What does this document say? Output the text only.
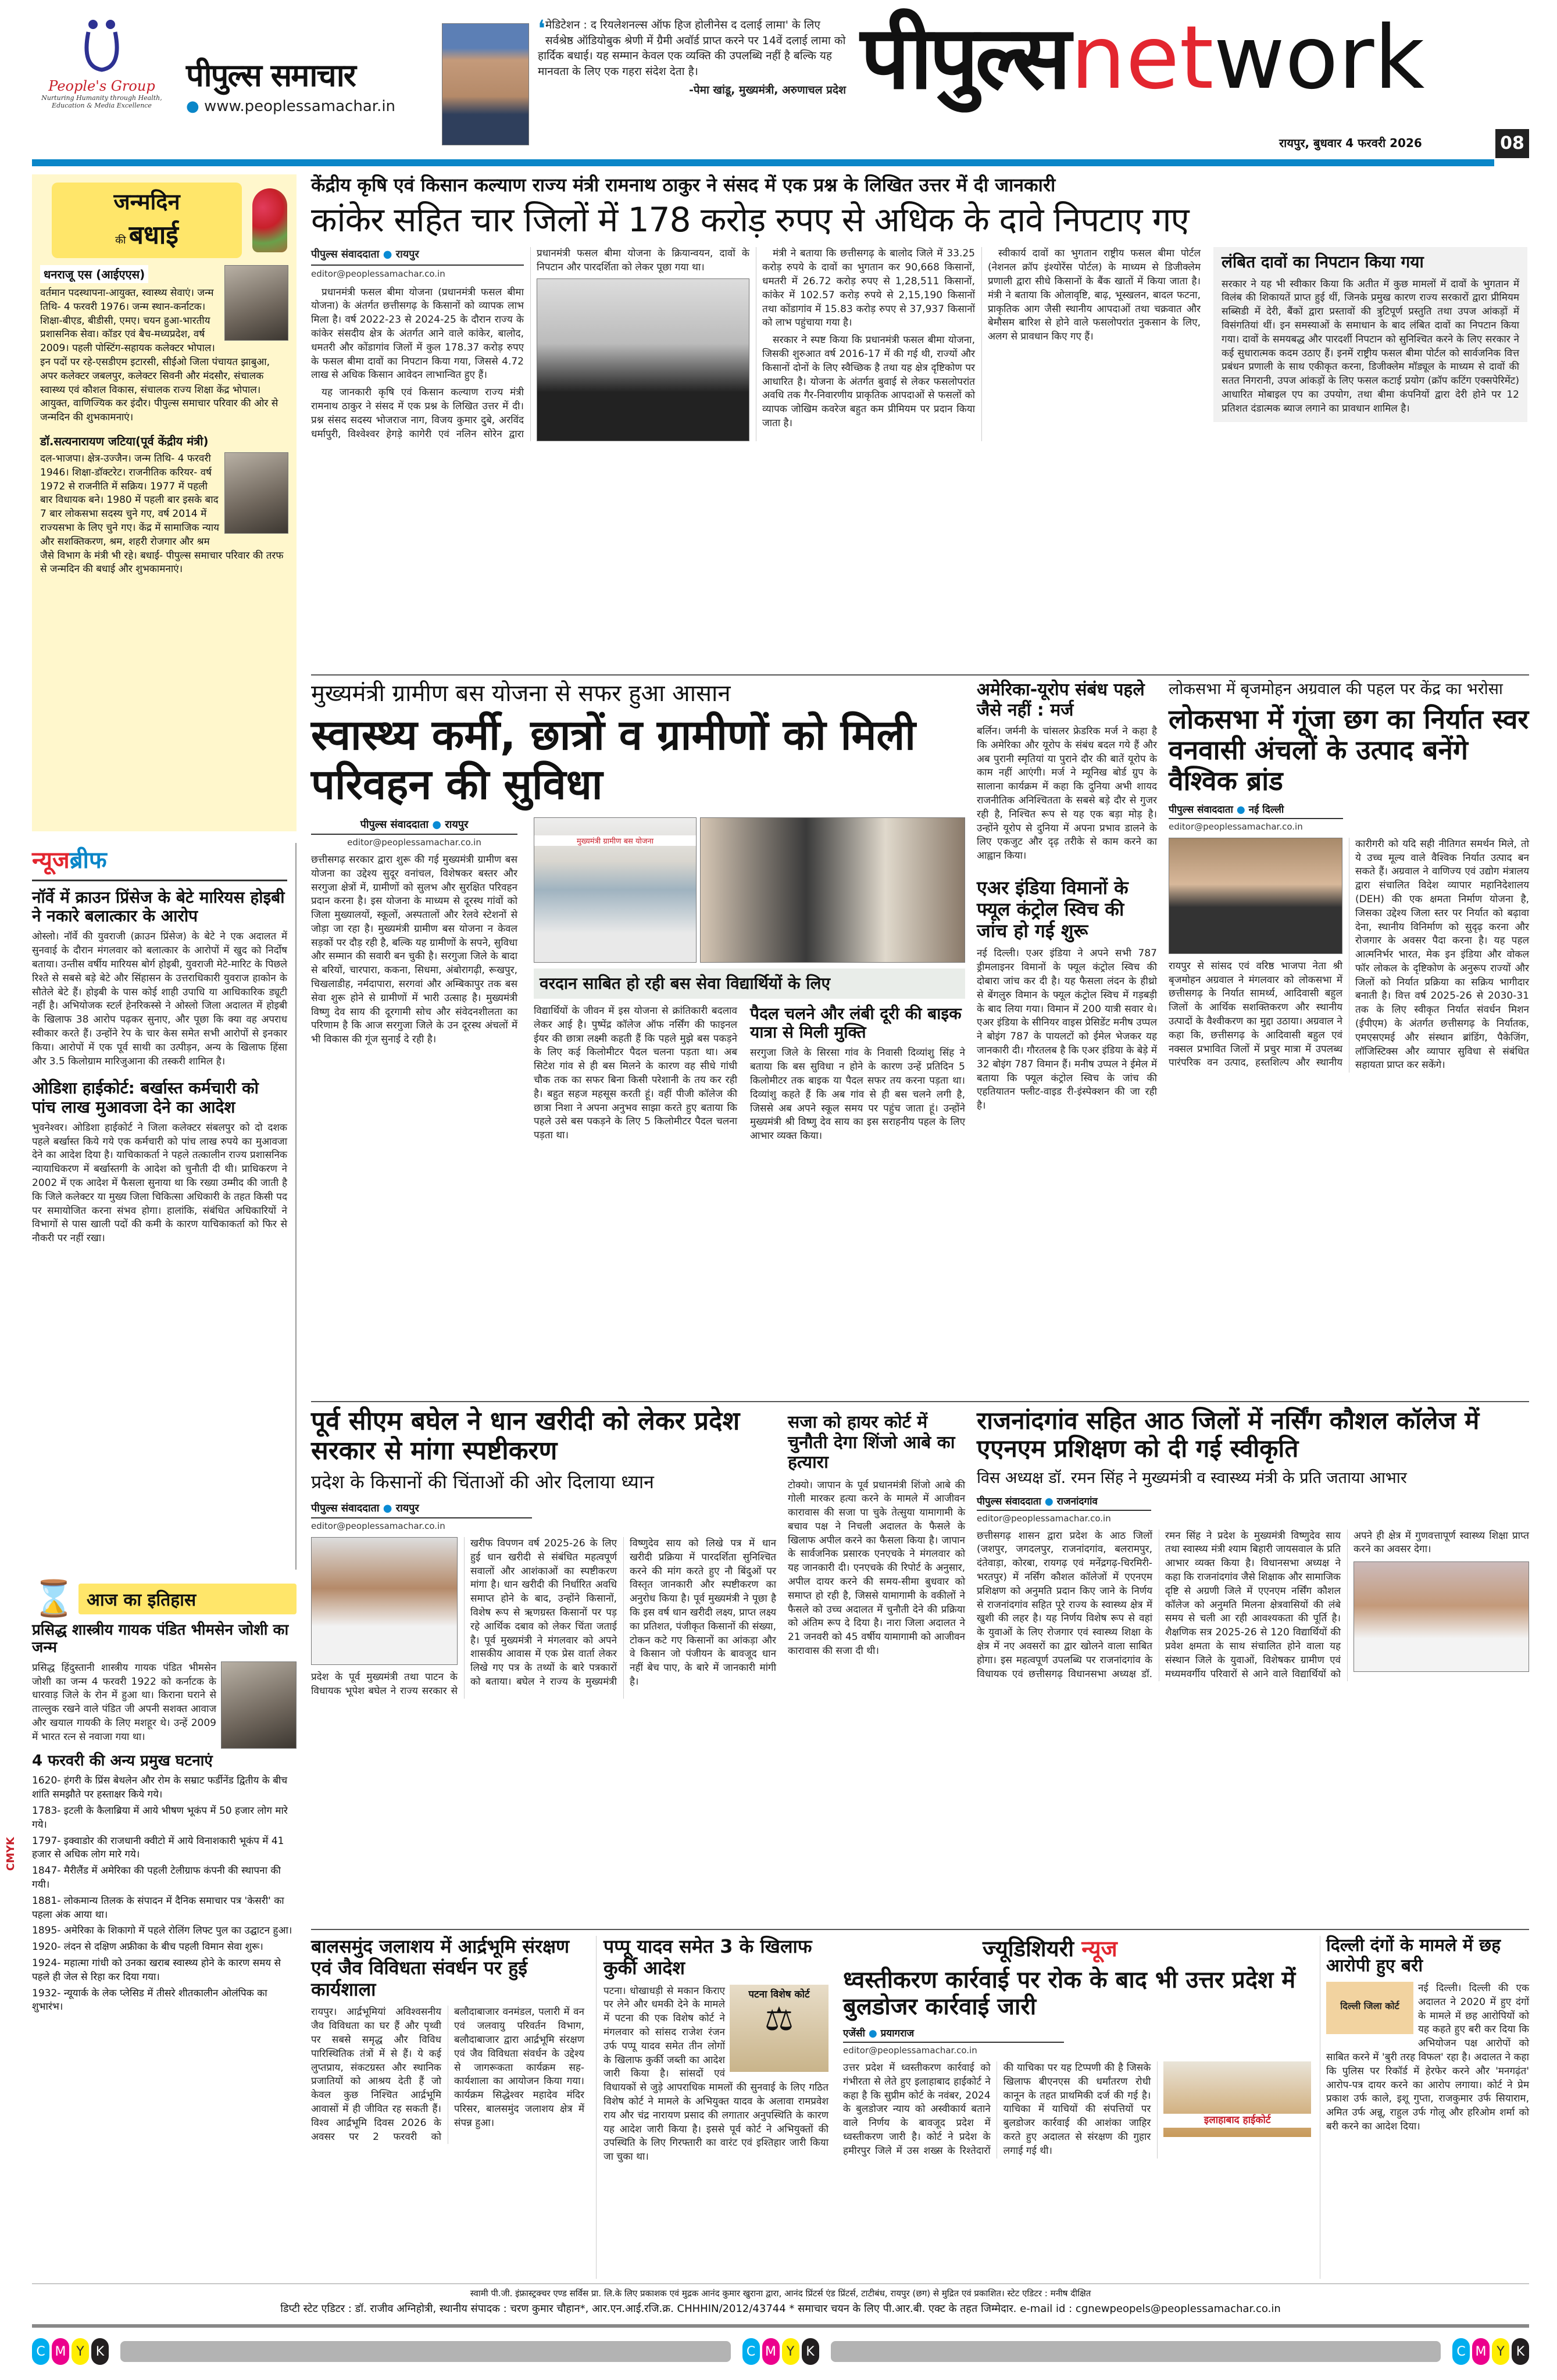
People's Group
Nurturing Humanity through Health, Education & Media Excellence
पीपुल्स समाचार
● www.peoplessamachar.in
❛ मेडिटेशन : द रियलेशनल्स ऑफ हिज होलीनेस द दलाई लामा' के लिए सर्वश्रेष्ठ ऑडियोबुक श्रेणी में ग्रैमी अवॉर्ड प्राप्त करने पर 14वें दलाई लामा को हार्दिक बधाई। यह सम्मान केवल एक व्यक्ति की उपलब्धि नहीं है बल्कि यह मानवता के लिए एक गहरा संदेश देता है।
-पेमा खांडू, मुख्यमंत्री, अरुणाचल प्रदेश पीपुल्स network
रायपुर, बुधवार 4 फरवरी 2026	08
जन्मदिन
की बधाई
धनराजू एस (आईएएस)
वर्तमान पदस्थापना-आयुक्त, स्वास्थ्य सेवाएं। जन्म तिथि- 4 फरवरी 1976। जन्म स्थान-कर्नाटक। शिक्षा-बीएड, बीडीसी, एमए। चयन हुआ-भारतीय प्रशासनिक सेवा। कॉडर एवं बैच-मध्यप्रदेश, वर्ष 2009। पहली पोस्टिंग-सहायक कलेक्टर भोपाल। इन पदों पर रहे-एसडीएम इटारसी, सीईओ जिला पंचायत झाबुआ, अपर कलेक्टर जबलपुर, कलेक्टर सिवनी और मंदसौर, संचालक स्वास्थ्य एवं कौशल विकास, संचालक राज्य शिक्षा केंद्र भोपाल। आयुक्त, वाणिज्यिक कर इंदौर। पीपुल्स समाचार परिवार की ओर से जन्मदिन की शुभकामनाएं।
डॉ.सत्यनारायण जटिया(पूर्व केंद्रीय मंत्री)
दल-भाजपा। क्षेत्र-उज्जैन। जन्म तिथि- 4 फरवरी 1946। शिक्षा-डॉक्टरेट। राजनीतिक करियर- वर्ष 1972 से राजनीति में सक्रिय। 1977 में पहली बार विधायक बने। 1980 में पहली बार इसके बाद 7 बार लोकसभा सदस्य चुने गए, वर्ष 2014 में राज्यसभा के लिए चुने गए। केंद्र में सामाजिक न्याय और सशक्तिकरण, श्रम, शहरी रोजगार और श्रम जैसे विभाग के मंत्री भी रहे। बधाई- पीपुल्स समाचार परिवार की तरफ से जन्मदिन की बधाई और शुभकामनाएं।
न्यूजब्रीफ
नॉर्वे में क्राउन प्रिंसेज के बेटे मारियस होइबी ने नकारे बलात्कार के आरोप
ओस्लो। नॉर्वे की युवराजी (क्राउन प्रिंसेज) के बेटे ने एक अदालत में सुनवाई के दौरान मंगलवार को बलात्कार के आरोपों में खुद को निर्दोष बताया। उन्तीस वर्षीय मारियस बोर्ग होइबी, युवराजी मेटे-मारिट के पिछले रिश्ते से सबसे बड़े बेटे और सिंहासन के उत्तराधिकारी युवराज हाकोन के सौतेले बेटे हैं। होइबी के पास कोई शाही उपाधि या आधिकारिक ड्यूटी नहीं है। अभियोजक स्टर्ल हेनरिकस्से ने ओस्लो जिला अदालत में होइबी के खिलाफ 38 आरोप पढ़कर सुनाए, और पूछा कि क्या वह अपराध स्वीकार करते हैं। उन्होंने रेप के चार केस समेत सभी आरोपों से इनकार किया। आरोपों में एक पूर्व साथी का उत्पीड़न, अन्य के खिलाफ हिंसा और 3.5 किलोग्राम मारिजुआना की तस्करी शामिल है।
ओडिशा हाईकोर्ट: बर्खास्त कर्मचारी को पांच लाख मुआवजा देने का आदेश
भुवनेश्वर। ओडिशा हाईकोर्ट ने जिला कलेक्टर संबलपुर को दो दशक पहले बर्खास्त किये गये एक कर्मचारी को पांच लाख रुपये का मुआवजा देने का आदेश दिया है। याचिकाकर्ता ने पहले तत्कालीन राज्य प्रशासनिक न्यायाधिकरण में बर्खास्तगी के आदेश को चुनौती दी थी। प्राधिकरण ने 2002 में एक आदेश में फैसला सुनाया था कि रख्या उम्मीद की जाती है कि जिले कलेक्टर या मुख्य जिला चिकित्सा अधिकारी के तहत किसी पद पर समायोजित करना संभव होगा। हालांकि, संबंधित अधिकारियों ने विभागों से पास खाली पदों की कमी के कारण याचिकाकर्ता को फिर से नौकरी पर नहीं रखा।
⌛ आज का इतिहास
प्रसिद्ध शास्त्रीय गायक पंडित भीमसेन जोशी का जन्म
प्रसिद्ध हिंदुस्तानी शास्त्रीय गायक पंडित भीमसेन जोशी का जन्म 4 फरवरी 1922 को कर्नाटक के धारवाड़ जिले के रोन में हुआ था। किराना घराने से ताल्लुक रखने वाले पंडित जी अपनी सशक्त आवाज और खयाल गायकी के लिए मशहूर थे। उन्हें 2009 में भारत रत्न से नवाजा गया था।
4 फरवरी की अन्य प्रमुख घटनाएं
1620- हंगरी के प्रिंस बेथलेन और रोम के सम्राट फर्डीनेंड द्वितीय के बीच शांति समझौते पर हस्ताक्षर किये गये।
1783- इटली के कैलाब्रिया में आये भीषण भूकंप में 50 हजार लोग मारे गये।
1797- इक्वाडोर की राजधानी क्वीटो में आये विनाशकारी भूकंप में 41 हजार से अधिक लोग मारे गये।
1847- मैरीलैंड में अमेरिका की पहली टेलीग्राफ कंपनी की स्थापना की गयी।
1881- लोकमान्य तिलक के संपादन में दैनिक समाचार पत्र 'केसरी' का पहला अंक आया था।
1895- अमेरिका के शिकागो में पहले रोलिंग लिफ्ट पुल का उद्घाटन हुआ।
1920- लंदन से दक्षिण अफ्रीका के बीच पहली विमान सेवा शुरू।
1924- महात्मा गांधी को उनका खराब स्वास्थ्य होने के कारण समय से पहले ही जेल से रिहा कर दिया गया।
1932- न्यूयार्क के लेक प्लेसिड में तीसरे शीतकालीन ओलंपिक का शुभारंभ।
CMYK
केंद्रीय कृषि एवं किसान कल्याण राज्य मंत्री रामनाथ ठाकुर ने संसद में एक प्रश्न के लिखित उत्तर में दी जानकारी
कांकेर सहित चार जिलों में 178 करोड़ रुपए से अधिक के दावे निपटाए गए
पीपुल्स संवाददाता ● रायपुर
editor@peoplessamachar.co.in

प्रधानमंत्री फसल बीमा योजना (प्रधानमंत्री फसल बीमा योजना) के अंतर्गत छत्तीसगढ़ के किसानों को व्यापक लाभ मिला है। वर्ष 2022-23 से 2024-25 के दौरान राज्य के कांकेर संसदीय क्षेत्र के अंतर्गत आने वाले कांकेर, बालोद, धमतरी और कोंडागांव जिलों में कुल 178.37 करोड़ रुपए के फसल बीमा दावों का निपटान किया गया, जिससे 4.72 लाख से अधिक किसान आवेदन लाभान्वित हुए हैं।

यह जानकारी कृषि एवं किसान कल्याण राज्य मंत्री रामनाथ ठाकुर ने संसद में एक प्रश्न के लिखित उत्तर में दी। प्रश्न संसद सदस्य भोजराज नाग, विजय कुमार दुबे, अरविंद धर्मापुरी, विश्वेश्वर हेगड़े कागेरी एवं नलिन सोरेन द्वारा प्रधानमंत्री फसल बीमा योजना के क्रियान्वयन, दावों के निपटान और पारदर्शिता को लेकर पूछा गया था।

मंत्री ने बताया कि छत्तीसगढ़ के बालोद जिले में 33.25 करोड़ रुपये के दावों का भुगतान कर 90,668 किसानों, धमतरी में 26.72 करोड़ रुपए से 1,28,511 किसानों, कांकेर में 102.57 करोड़ रुपये से 2,15,190 किसानों तथा कोंडागांव में 15.83 करोड़ रुपए से 37,937 किसानों को लाभ पहुंचाया गया है।

सरकार ने स्पष्ट किया कि प्रधानमंत्री फसल बीमा योजना, जिसकी शुरुआत वर्ष 2016-17 में की गई थी, राज्यों और किसानों दोनों के लिए स्वैच्छिक है तथा यह क्षेत्र दृष्टिकोण पर आधारित है। योजना के अंतर्गत बुवाई से लेकर फसलोपरांत अवधि तक गैर-निवारणीय प्राकृतिक आपदाओं से फसलों को व्यापक जोखिम कवरेज बहुत कम प्रीमियम पर प्रदान किया जाता है।

स्वीकार्य दावों का भुगतान राष्ट्रीय फसल बीमा पोर्टल (नेशनल क्रॉप इंश्योरेंस पोर्टल) के माध्यम से डिजीक्लेम प्रणाली द्वारा सीधे किसानों के बैंक खातों में किया जाता है। मंत्री ने बताया कि ओलावृष्टि, बाढ़, भूस्खलन, बादल फटना, प्राकृतिक आग जैसी स्थानीय आपदाओं तथा चक्रवात और बेमौसम बारिश से होने वाले फसलोपरांत नुकसान के लिए, अलग से प्रावधान किए गए हैं।

लंबित दावों का निपटान किया गया
सरकार ने यह भी स्वीकार किया कि अतीत में कुछ मामलों में दावों के भुगतान में विलंब की शिकायतें प्राप्त हुई थीं, जिनके प्रमुख कारण राज्य सरकारों द्वारा प्रीमियम सब्सिडी में देरी, बैंकों द्वारा प्रस्तावों की त्रुटिपूर्ण प्रस्तुति तथा उपज आंकड़ों में विसंगतियां थीं। इन समस्याओं के समाधान के बाद लंबित दावों का निपटान किया गया। दावों के समयबद्ध और पारदर्शी निपटान को सुनिश्चित करने के लिए सरकार ने कई सुधारात्मक कदम उठाए हैं। इनमें राष्ट्रीय फसल बीमा पोर्टल को सार्वजनिक वित्त प्रबंधन प्रणाली के साथ एकीकृत करना, डिजीक्लेम मॉड्यूल के माध्यम से दावों की सतत निगरानी, उपज आंकड़ों के लिए फसल कटाई प्रयोग (क्रॉप कटिंग एक्सपेरिमेंट) आधारित मोबाइल एप का उपयोग, तथा बीमा कंपनियों द्वारा देरी होने पर 12 प्रतिशत दंडात्मक ब्याज लगाने का प्रावधान शामिल है।
मुख्यमंत्री ग्रामीण बस योजना से सफर हुआ आसान
स्वास्थ्य कर्मी, छात्रों व ग्रामीणों को मिली परिवहन की सुविधा
पीपुल्स संवाददाता ● रायपुर
editor@peoplessamachar.co.in
छत्तीसगढ़ सरकार द्वारा शुरू की गई मुख्यमंत्री ग्रामीण बस योजना का उद्देश्य सुदूर वनांचल, विशेषकर बस्तर और सरगुजा क्षेत्रों में, ग्रामीणों को सुलभ और सुरक्षित परिवहन प्रदान करना है। इस योजना के माध्यम से दूरस्थ गांवों को जिला मुख्यालयों, स्कूलों, अस्पतालों और रेलवे स्टेशनों से जोड़ा जा रहा है। मुख्यमंत्री ग्रामीण बस योजना न केवल सड़कों पर दौड़ रही है, बल्कि यह ग्रामीणों के सपने, सुविधा और सम्मान की सवारी बन चुकी है। सरगुजा जिले के बादा से बरियों, चारपारा, ककना, सिधमा, अंबोरागढ़ी, रूखपुर, चिखलाडीह, नर्मदापारा, सरगवां और अम्बिकापुर तक बस सेवा शुरू होने से ग्रामीणों में भारी उत्साह है। मुख्यमंत्री विष्णु देव साय की दूरगामी सोच और संवेदनशीलता का परिणाम है कि आज सरगुजा जिले के उन दूरस्थ अंचलों में भी विकास की गूंज सुनाई दे रही है।
मुख्यमंत्री ग्रामीण बस योजना
वरदान साबित हो रही बस सेवा विद्यार्थियों के लिए
विद्यार्थियों के जीवन में इस योजना से क्रांतिकारी बदलाव लेकर आई है। पुष्पेंद्र कॉलेज ऑफ नर्सिंग की फाइनल ईयर की छात्रा लक्ष्मी कहती हैं कि पहले मुझे बस पकड़ने के लिए कई किलोमीटर पैदल चलना पड़ता था। अब सिटेश गांव से ही बस मिलने के कारण वह सीधे गांधी चौक तक का सफर बिना किसी परेशानी के तय कर रही है। बहुत सहज महसूस करती हूं। वहीं पीजी कॉलेज की छात्रा निशा ने अपना अनुभव साझा करते हुए बताया कि पहले उसे बस पकड़ने के लिए 5 किलोमीटर पैदल चलना पड़ता था।
पैदल चलने और लंबी दूरी की बाइक यात्रा से मिली मुक्ति
सरगुजा जिले के सिरसा गांव के निवासी दिव्यांशु सिंह ने बताया कि बस सुविधा न होने के कारण उन्हें प्रतिदिन 5 किलोमीटर तक बाइक या पैदल सफर तय करना पड़ता था। दिव्यांशु कहते हैं कि अब गांव से ही बस चलने लगी है, जिससे अब अपने स्कूल समय पर पहुंच जाता हूं। उन्होंने मुख्यमंत्री श्री विष्णु देव साय का इस सराहनीय पहल के लिए आभार व्यक्त किया।
अमेरिका-यूरोप संबंध पहले जैसे नहीं : मर्ज
बर्लिन। जर्मनी के चांसलर फ्रेडरिक मर्ज ने कहा है कि अमेरिका और यूरोप के संबंध बदल गये हैं और अब पुरानी स्मृतियां या पुराने दौर की बातें यूरोप के काम नहीं आएंगी। मर्ज ने म्यूनिख बोर्ड ग्रुप के सालाना कार्यक्रम में कहा कि दुनिया अभी शायद राजनीतिक अनिश्चितता के सबसे बड़े दौर से गुजर रही है, निश्चित रूप से यह एक बड़ा मोड़ है। उन्होंने यूरोप से दुनिया में अपना प्रभाव डालने के लिए एकजुट और दृढ़ तरीके से काम करने का आह्वान किया।
एअर इंडिया विमानों के फ्यूल कंट्रोल स्विच की जांच हो गई शुरू
नई दिल्ली। एअर इंडिया ने अपने सभी 787 ड्रीमलाइनर विमानों के फ्यूल कंट्रोल स्विच की दोबारा जांच कर दी है। यह फैसला लंदन के हीथ्रो से बेंगलुरु विमान के फ्यूल कंट्रोल स्विच में गड़बड़ी के बाद लिया गया। विमान में 200 यात्री सवार थे। एअर इंडिया के सीनियर वाइस प्रेसिडेंट मनीष उप्पल ने बोइंग 787 के पायलटों को ईमेल भेजकर यह जानकारी दी। गौरतलब है कि एअर इंडिया के बेड़े में 32 बोइंग 787 विमान हैं। मनीष उप्पल ने ईमेल में बताया कि फ्यूल कंट्रोल स्विच के जांच की एहतियातन फ्लीट-वाइड री-इंस्पेक्शन की जा रही है।
लोकसभा में बृजमोहन अग्रवाल की पहल पर केंद्र का भरोसा
लोकसभा में गूंजा छग का निर्यात स्वर वनवासी अंचलों के उत्पाद बनेंगे वैश्विक ब्रांड
पीपुल्स संवाददाता ● नई दिल्ली
editor@peoplessamachar.co.in
रायपुर से सांसद एवं वरिष्ठ भाजपा नेता श्री बृजमोहन अग्रवाल ने मंगलवार को लोकसभा में छत्तीसगढ़ के निर्यात सामर्थ्य, आदिवासी बहुल जिलों के आर्थिक सशक्तिकरण और स्थानीय उत्पादों के वैश्वीकरण का मुद्दा उठाया। अग्रवाल ने कहा कि, छत्तीसगढ़ के आदिवासी बहुल एवं नक्सल प्रभावित जिलों में प्रचुर मात्रा में उपलब्ध पारंपरिक वन उत्पाद, हस्तशिल्प और स्थानीय कारीगरी को यदि सही नीतिगत समर्थन मिले, तो ये उच्च मूल्य वाले वैश्विक निर्यात उत्पाद बन सकते हैं। अग्रवाल ने वाणिज्य एवं उद्योग मंत्रालय द्वारा संचालित विदेश व्यापार महानिदेशालय (DEH) की एक क्षमता निर्माण योजना है, जिसका उद्देश्य जिला स्तर पर निर्यात को बढ़ावा देना, स्थानीय विनिर्माण को सुदृढ़ करना और रोजगार के अवसर पैदा करना है। यह पहल आत्मनिर्भर भारत, मेक इन इंडिया और वोकल फॉर लोकल के दृष्टिकोण के अनुरूप राज्यों और जिलों को निर्यात प्रक्रिया का सक्रिय भागीदार बनाती है। वित्त वर्ष 2025-26 से 2030-31 तक के लिए स्वीकृत निर्यात संवर्धन मिशन (ईपीएम) के अंतर्गत छत्तीसगढ़ के निर्यातक, एमएसएमई और संस्थान ब्रांडिंग, पैकेजिंग, लॉजिस्टिक्स और व्यापार सुविधा से संबंधित सहायता प्राप्त कर सकेंगे।
पूर्व सीएम बघेल ने धान खरीदी को लेकर प्रदेश सरकार से मांगा स्पष्टीकरण
प्रदेश के किसानों की चिंताओं की ओर दिलाया ध्यान
पीपुल्स संवाददाता ● रायपुर
editor@peoplessamachar.co.in
प्रदेश के पूर्व मुख्यमंत्री तथा पाटन के विधायक भूपेश बघेल ने राज्य सरकार से खरीफ विपणन वर्ष 2025-26 के लिए हुई धान खरीदी से संबंधित महत्वपूर्ण सवालों और आशंकाओं का स्पष्टीकरण मांगा है। धान खरीदी की निर्धारित अवधि समाप्त होने के बाद, उन्होंने किसानों, विशेष रूप से ऋणग्रस्त किसानों पर पड़ रहे आर्थिक दबाव को लेकर चिंता जताई है। पूर्व मुख्यमंत्री ने मंगलवार को अपने शासकीय आवास में एक प्रेस वार्ता लेकर लिखे गए पत्र के तथ्यों के बारे पत्रकारों को बताया। बघेल ने राज्य के मुख्यमंत्री विष्णुदेव साय को लिखे पत्र में धान खरीदी प्रक्रिया में पारदर्शिता सुनिश्चित करने की मांग करते हुए नौ बिंदुओं पर विस्तृत जानकारी और स्पष्टीकरण का अनुरोध किया है। पूर्व मुख्यमंत्री ने पूछा है कि इस वर्ष धान खरीदी लक्ष्य, प्राप्त लक्ष्य का प्रतिशत, पंजीकृत किसानों की संख्या, टोकन कटे गए किसानों का आंकड़ा और वे किसान जो पंजीयन के बावजूद धान नहीं बेच पाए, के बारे में जानकारी मांगी है।
सजा को हायर कोर्ट में चुनौती देगा शिंजो आबे का हत्यारा
टोक्यो। जापान के पूर्व प्रधानमंत्री शिंजो आबे की गोली मारकर हत्या करने के मामले में आजीवन कारावास की सजा पा चुके तेत्सुया यामागामी के बचाव पक्ष ने निचली अदालत के फैसले के खिलाफ अपील करने का फैसला किया है। जापान के सार्वजनिक प्रसारक एनएचके ने मंगलवार को यह जानकारी दी। एनएचके की रिपोर्ट के अनुसार, अपील दायर करने की समय-सीमा बुधवार को समाप्त हो रही है, जिससे यामागामी के वकीलों ने फैसले को उच्च अदालत में चुनौती देने की प्रक्रिया को अंतिम रूप दे दिया है। नारा जिला अदालत ने 21 जनवरी को 45 वर्षीय यामागामी को आजीवन कारावास की सजा दी थी।
राजनांदगांव सहित आठ जिलों में नर्सिंग कौशल कॉलेज में एएनएम प्रशिक्षण को दी गई स्वीकृति
विस अध्यक्ष डॉ. रमन सिंह ने मुख्यमंत्री व स्वास्थ्य मंत्री के प्रति जताया आभार
पीपुल्स संवाददाता ● राजनांदगांव
editor@peoplessamachar.co.in
छत्तीसगढ़ शासन द्वारा प्रदेश के आठ जिलों (जशपुर, जगदलपुर, राजनांदगांव, बलरामपुर, दंतेवाड़ा, कोरबा, रायगढ़ एवं मनेंद्रगढ़-चिरमिरी-भरतपुर) में नर्सिंग कौशल कॉलेजों में एएनएम प्रशिक्षण को अनुमति प्रदान किए जाने के निर्णय से राजनांदगांव सहित पूरे राज्य के स्वास्थ्य क्षेत्र में खुशी की लहर है। यह निर्णय विशेष रूप से वहां के युवाओं के लिए रोजगार एवं स्वास्थ्य शिक्षा के क्षेत्र में नए अवसरों का द्वार खोलने वाला साबित होगा। इस महत्वपूर्ण उपलब्धि पर राजनांदगांव के विधायक एवं छत्तीसगढ़ विधानसभा अध्यक्ष डॉ. रमन सिंह ने प्रदेश के मुख्यमंत्री विष्णुदेव साय तथा स्वास्थ्य मंत्री श्याम बिहारी जायसवाल के प्रति आभार व्यक्त किया है। विधानसभा अध्यक्ष ने कहा कि राजनांदगांव जैसे शिक्षाक और सामाजिक दृष्टि से अग्रणी जिले में एएनएम नर्सिंग कौशल कॉलेज को अनुमति मिलना क्षेत्रवासियों की लंबे समय से चली आ रही आवश्यकता की पूर्ति है। शैक्षणिक सत्र 2025-26 से 120 विद्यार्थियों की प्रवेश क्षमता के साथ संचालित होने वाला यह संस्थान जिले के युवाओं, विशेषकर ग्रामीण एवं मध्यमवर्गीय परिवारों से आने वाले विद्यार्थियों को अपने ही क्षेत्र में गुणवत्तापूर्ण स्वास्थ्य शिक्षा प्राप्त करने का अवसर देगा।
बालसमुंद जलाशय में आर्द्रभूमि संरक्षण एवं जैव विविधता संवर्धन पर हुई कार्यशाला
रायपुर। आर्द्रभूमियां अविश्वसनीय जैव विविधता का घर हैं और पृथ्वी पर सबसे समृद्ध और विविध पारिस्थितिक तंत्रों में से हैं। ये कई लुप्तप्राय, संकटग्रस्त और स्थानिक प्रजातियों को आश्रय देती हैं जो केवल कुछ निश्चित आर्द्रभूमि आवासों में ही जीवित रह सकती हैं। विश्व आर्द्रभूमि दिवस 2026 के अवसर पर 2 फरवरी को बलौदाबाजार वनमंडल, पलारी में वन एवं जलवायु परिवर्तन विभाग, बलौदाबाजार द्वारा आर्द्रभूमि संरक्षण एवं जैव विविधता संवर्धन के उद्देश्य से जागरूकता कार्यक्रम सह-कार्यशाला का आयोजन किया गया। कार्यक्रम सिद्धेश्वर महादेव मंदिर परिसर, बालसमुंद जलाशय क्षेत्र में संपन्न हुआ।
पप्पू यादव समेत 3 के खिलाफ कुर्की आदेश
पटना विशेष कोर्ट
⚖
पटना। धोखाधड़ी से मकान किराए पर लेने और धमकी देने के मामले में पटना की एक विशेष कोर्ट ने मंगलवार को सांसद राजेश रंजन उर्फ पप्पू यादव समेत तीन लोगों के खिलाफ कुर्की जब्ती का आदेश जारी किया है। सांसदों एवं विधायकों से जुड़े आपराधिक मामलों की सुनवाई के लिए गठित विशेष कोर्ट ने मामले के अभियुक्त यादव के अलावा रामप्रवेश राय और चंद्र नारायण प्रसाद की लगातार अनुपस्थिति के कारण यह आदेश जारी किया है। इससे पूर्व कोर्ट ने अभियुक्तों की उपस्थिति के लिए गिरफ्तारी का वारंट एवं इश्तिहार जारी किया जा चुका था।
ज्यूडिशियरी न्यूज
ध्वस्तीकरण कार्रवाई पर रोक के बाद भी उत्तर प्रदेश में बुलडोजर कार्रवाई जारी
एजेंसी ● प्रयागराज
editor@peoplessamachar.co.in
उत्तर प्रदेश में ध्वस्तीकरण कार्रवाई को गंभीरता से लेते हुए इलाहाबाद हाईकोर्ट ने कहा है कि सुप्रीम कोर्ट के नवंबर, 2024 के बुलडोजर न्याय को अस्वीकार्य बताने वाले निर्णय के बावजूद प्रदेश में ध्वस्तीकरण जारी है। कोर्ट ने प्रदेश के हमीरपुर जिले में उस शख्स के रिश्तेदारों की याचिका पर यह टिप्पणी की है जिसके खिलाफ बीएनएस की धर्मांतरण रोधी कानून के तहत प्राथमिकी दर्ज की गई है। याचिका में याचियों की संपत्तियों पर बुलडोजर कार्रवाई की आशंका जाहिर करते हुए अदालत से संरक्षण की गुहार लगाई गई थी।
इलाहाबाद हाईकोर्ट
दिल्ली दंगों के मामले में छह आरोपी हुए बरी
दिल्ली जिला कोर्ट
नई दिल्ली। दिल्ली की एक अदालत ने 2020 में हुए दंगों के मामले में छह आरोपियों को यह कहते हुए बरी कर दिया कि अभियोजन पक्ष आरोपों को साबित करने में 'बुरी तरह विफल' रहा है। अदालत ने कहा कि पुलिस पर रिकॉर्ड में हेरफेर करने और 'मनगढ़ंत' आरोप-पत्र दायर करने का आरोप लगाया। कोर्ट ने प्रेम प्रकाश उर्फ काले, इशू गुप्ता, राजकुमार उर्फ सियाराम, अमित उर्फ अन्नू, राहुल उर्फ गोलू और हरिओम शर्मा को बरी करने का आदेश दिया।
स्वामी पी.जी. इंफ्रास्ट्रक्चर एण्ड सर्विस प्रा. लि.के लिए प्रकाशक एवं मुद्रक आनंद कुमार खुराना द्वारा, आनंद प्रिंटर्स एंड प्रिंटर्स, टाटीबंध, रायपुर (छग) से मुद्रित एवं प्रकाशित। स्टेट एडिटर : मनीष दीक्षित
डिप्टी स्टेट एडिटर : डॉ. राजीव अग्निहोत्री, स्थानीय संपादक : चरण कुमार चौहान*, आर.एन.आई.रजि.क्र. CHHHIN/2012/43744 * समाचार चयन के लिए पी.आर.बी. एक्ट के तहत जिम्मेदार. e-mail id : cgnewpeopels@peoplessamachar.co.in
C M Y K	C M Y K	C M Y K
